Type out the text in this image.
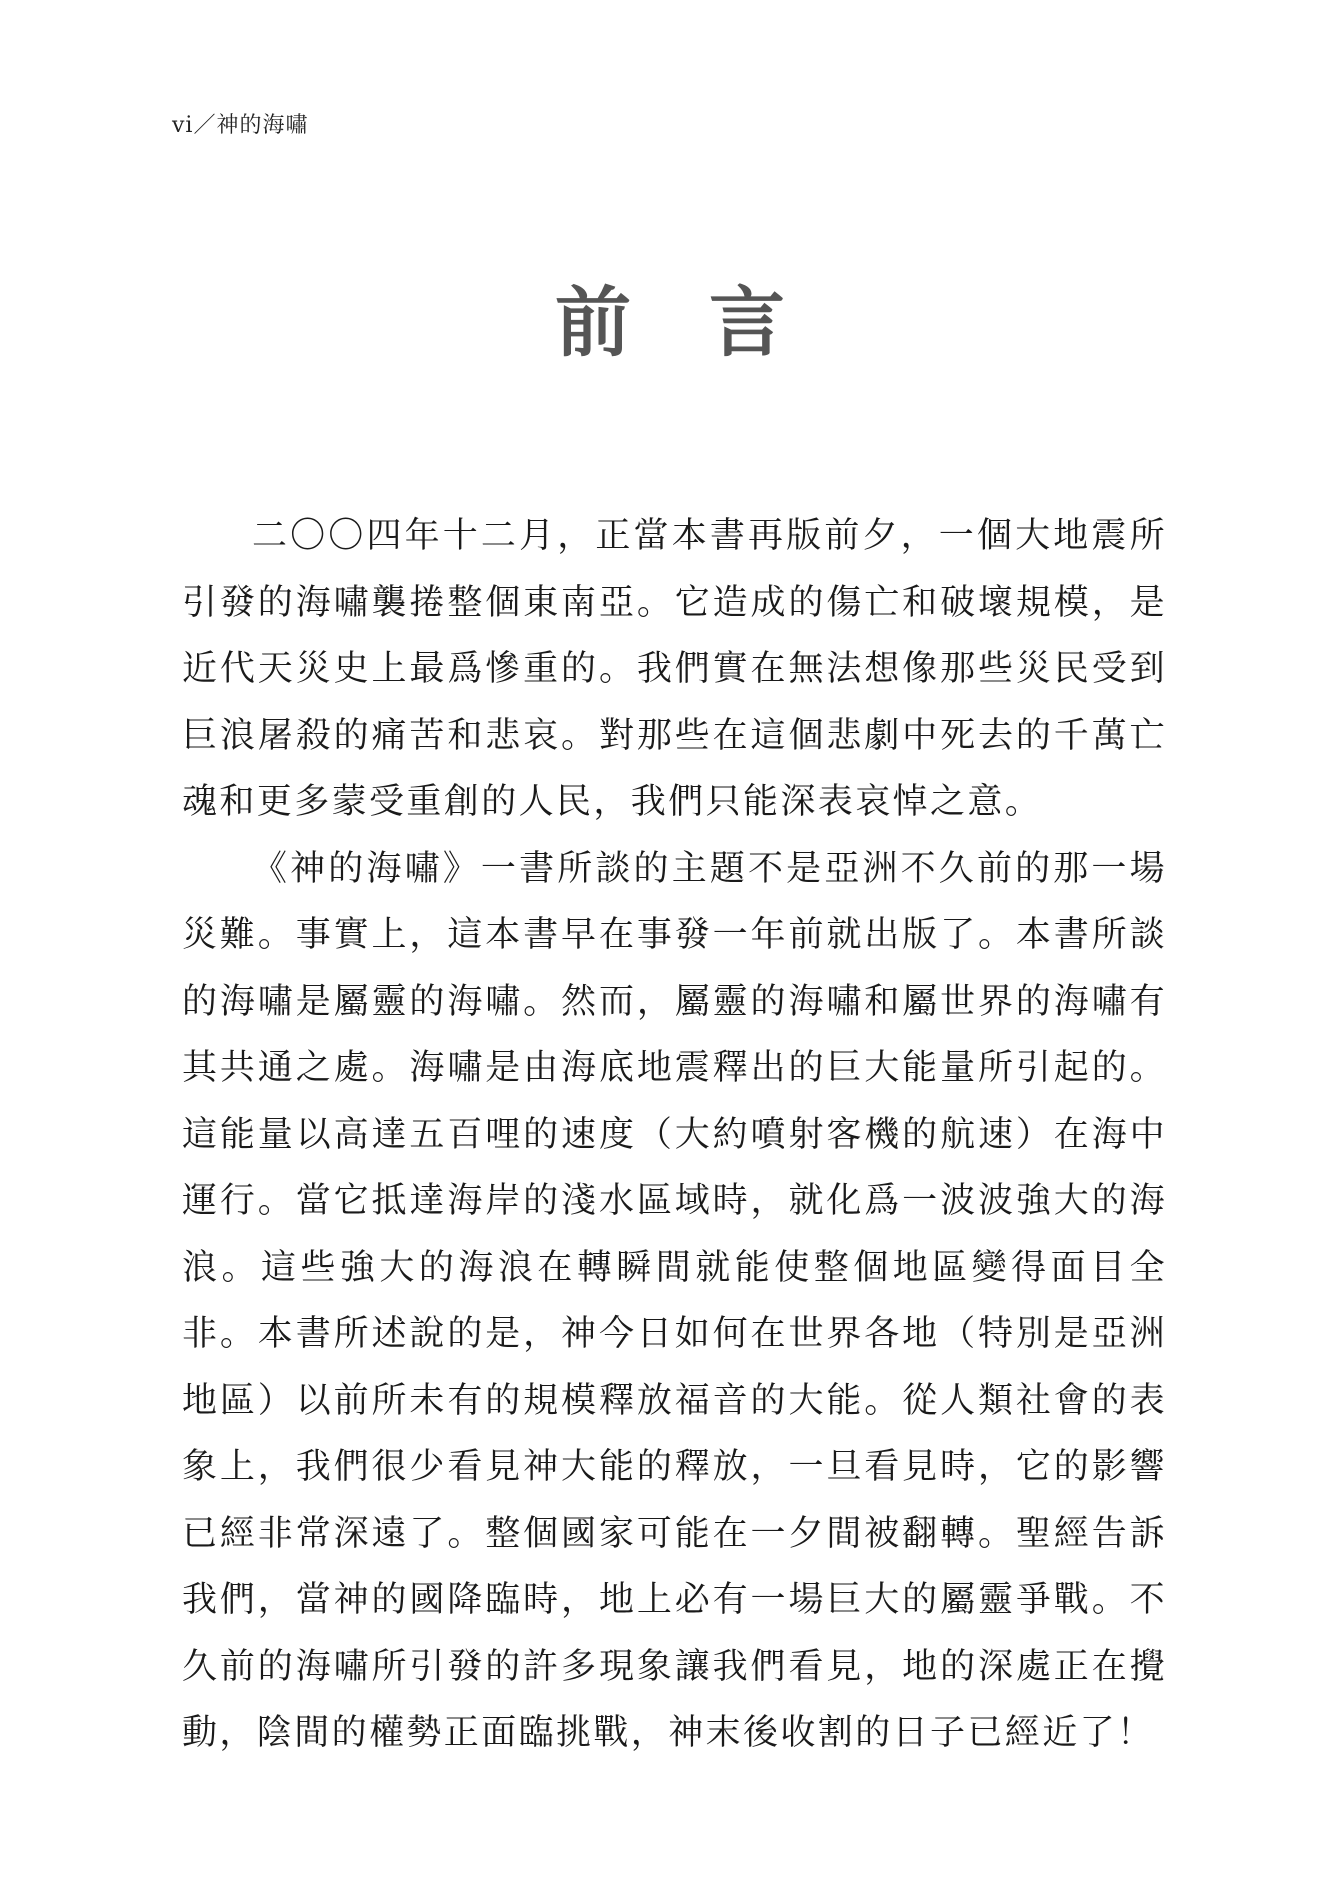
vi／神的海嘯
前 言

二〇〇四年十二月，正當本書再版前夕，一個大地震所引發的海嘯襲捲整個東南亞。它造成的傷亡和破壞規模，是近代天災史上最爲慘重的。我們實在無法想像那些災民受到巨浪屠殺的痛苦和悲哀。對那些在這個悲劇中死去的千萬亡魂和更多蒙受重創的人民，我們只能深表哀悼之意。

《神的海嘯》一書所談的主題不是亞洲不久前的那一場災難。事實上，這本書早在事發一年前就出版了。本書所談的海嘯是屬靈的海嘯。然而，屬靈的海嘯和屬世界的海嘯有其共通之處。海嘯是由海底地震釋出的巨大能量所引起的。這能量以高達五百哩的速度（大約噴射客機的航速）在海中運行。當它抵達海岸的淺水區域時，就化爲一波波強大的海浪。這些強大的海浪在轉瞬間就能使整個地區變得面目全非。本書所述說的是，神今日如何在世界各地（特別是亞洲地區）以前所未有的規模釋放福音的大能。從人類社會的表象上，我們很少看見神大能的釋放，一旦看見時，它的影響已經非常深遠了。整個國家可能在一夕間被翻轉。聖經告訴我們，當神的國降臨時，地上必有一場巨大的屬靈爭戰。不久前的海嘯所引發的許多現象讓我們看見，地的深處正在攪動，陰間的權勢正面臨挑戰，神末後收割的日子已經近了！
